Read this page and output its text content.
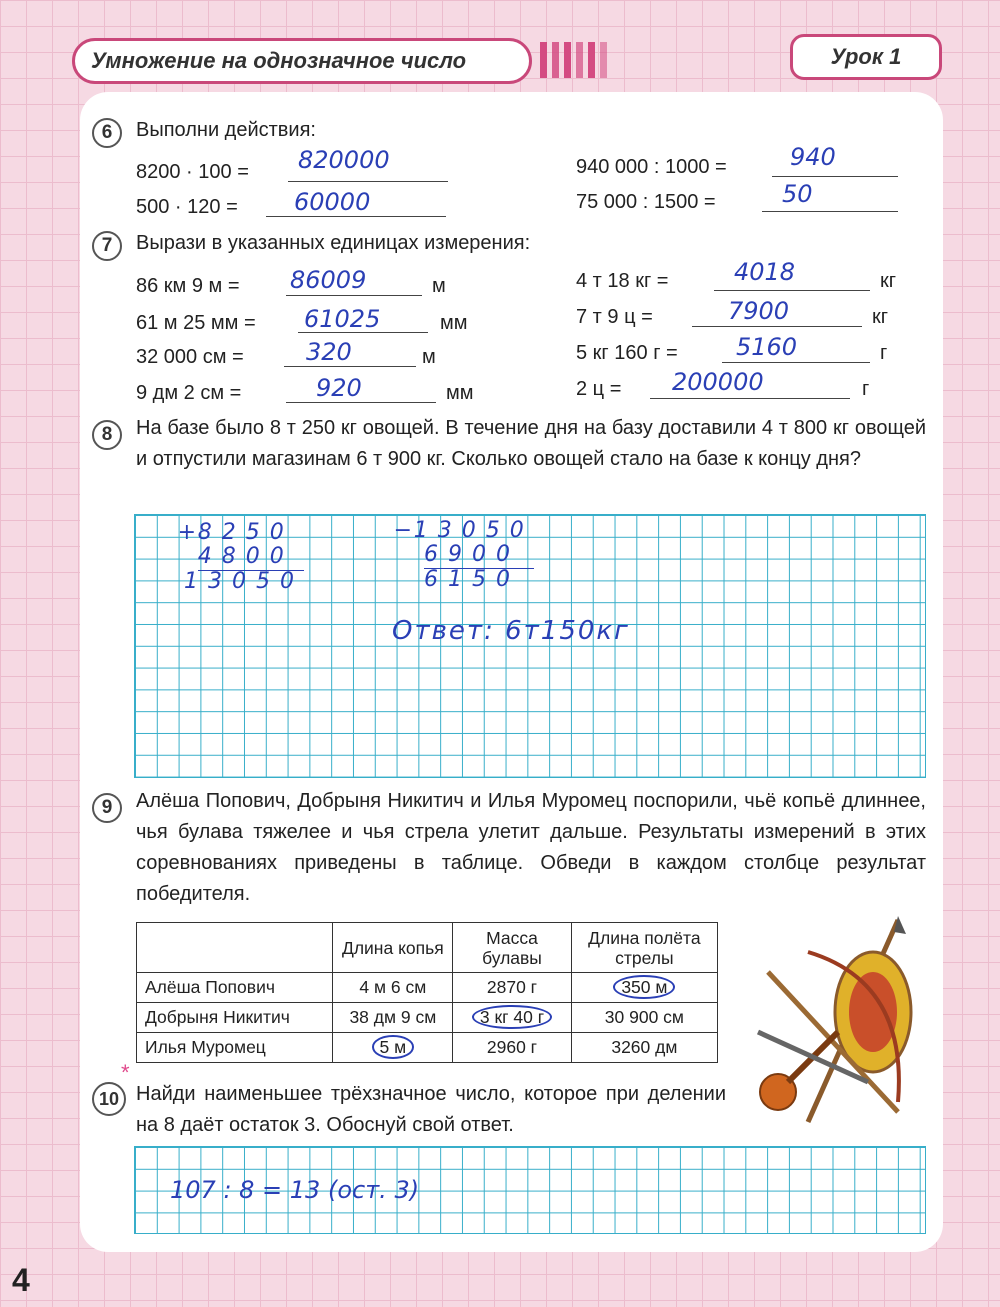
Умножение на однозначное число	Урок 1
6	Выполни действия:
8200 · 100 = 820000
500 · 120 = 60000
940 000 : 1000 =	940
75 000 : 1500 =	50
7	Вырази в указанных единицах измерения:
86 км 9 м = 86009	м
61 м 25 мм = 61025	мм
32 000 см =	320	м
9 дм 2 см =	920	мм
4 т 18 кг =	4018	кг
7 т 9 ц =	7900	кг
5 кг 160 г = 5160	г
2 ц = 200000	г
8	На базе было 8 т 250 кг овощей. В течение дня на базу доставили 4 т 800 кг овощей и отпустили магазинам 6 т 900 кг. Сколько овощей стало на базе к концу дня?
+8250
4800
13050
−13050
6900
6150
Ответ: 6т150кг
9	Алёша Попович, Добрыня Никитич и Илья Муромец поспорили, чьё копьё длиннее, чья булава тяжелее и чья стрела улетит дальше. Результаты измерений в этих соревнованиях приведены в таблице. Обведи в каждом столбце результат победителя.
	Длина копья	Масса булавы	Длина полёта стрелы
Алёша Попович	4 м 6 см	2870 г	350 м
Добрыня Никитич	38 дм 9 см	3 кг 40 г	30 900 см
Илья Муромец	5 м	2960 г	3260 дм
*
10 Найди наименьшее трёхзначное число, которое при делении на 8 даёт остаток 3. Обоснуй свой ответ.
107 : 8 = 13 (ост. 3)
4
